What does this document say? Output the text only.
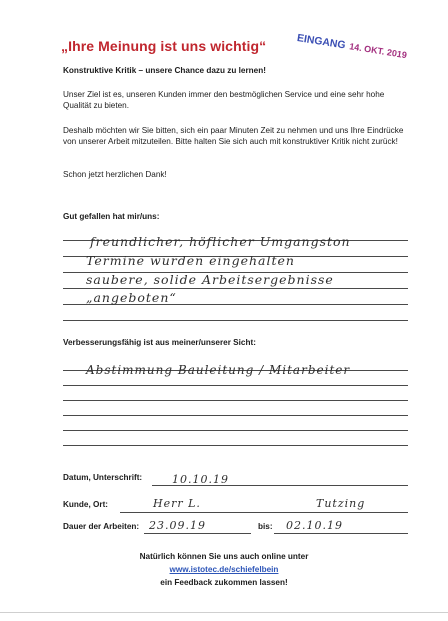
„Ihre Meinung ist uns wichtig“	EINGANG 14. OKT. 2019
Konstruktive Kritik – unsere Chance dazu zu lernen!
Unser Ziel ist es, unseren Kunden immer den bestmöglichen Service und eine sehr hohe Qualität zu bieten.
Deshalb möchten wir Sie bitten, sich ein paar Minuten Zeit zu nehmen und uns Ihre Eindrücke von unserer Arbeit mitzuteilen. Bitte halten Sie sich auch mit konstruktiver Kritik nicht zurück!
Schon jetzt herzlichen Dank!
Gut gefallen hat mir/uns:
freundlicher, höflicher Umgangston
Termine wurden eingehalten
saubere, solide Arbeitsergebnisse
„angeboten“
Verbesserungsfähig ist aus meiner/unserer Sicht:
Abstimmung Bauleitung / Mitarbeiter
Datum, Unterschrift:	10.10.19
Kunde, Ort:	Herr L.	Tutzing
Dauer der Arbeiten: 23.09.19	bis: 02.10.19
Natürlich können Sie uns auch online unter
www.istotec.de/schiefelbein
ein Feedback zukommen lassen!
